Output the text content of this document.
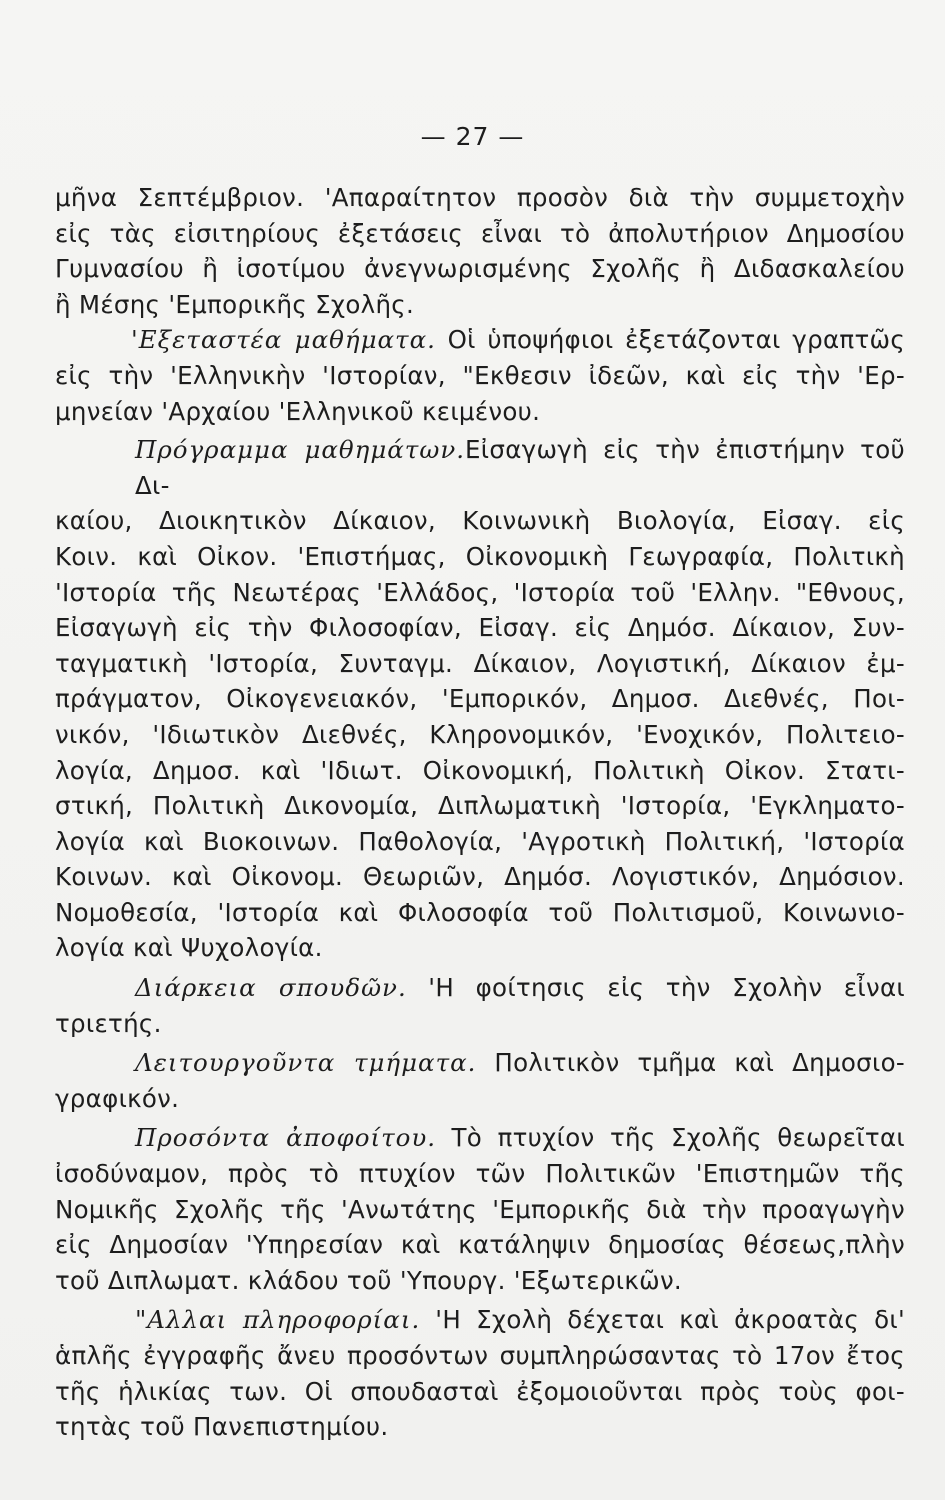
— 27 —
μῆνα Σεπτέμβριον. 'Απαραίτητον προσὸν διὰ τὴν συμμετοχὴν
εἰς τὰς εἰσιτηρίους ἐξετάσεις εἶναι τὸ ἀπολυτήριον Δημοσίου
Γυμνασίου ἢ ἰσοτίμου ἀνεγνωρισμένης Σχολῆς ἢ Διδασκαλείου
ἢ Μέσης 'Εμπορικῆς Σχολῆς.
'Εξεταστέα μαθήματα. Οἱ ὑποψήφιοι ἐξετάζονται γραπτῶς
εἰς τὴν 'Ελληνικὴν 'Ιστορίαν, "Εκθεσιν ἰδεῶν, καὶ εἰς τὴν 'Ερ-
μηνείαν 'Αρχαίου 'Ελληνικοῦ κειμένου.
Πρόγραμμα μαθημάτων.Εἰσαγωγὴ εἰς τὴν ἐπιστήμην τοῦ Δι-
καίου, Διοικητικὸν Δίκαιον, Κοινωνικὴ Βιολογία, Εἰσαγ. εἰς
Κοιν. καὶ Οἰκον. 'Επιστήμας, Οἰκονομικὴ Γεωγραφία, Πολιτικὴ
'Ιστορία τῆς Νεωτέρας 'Ελλάδος, 'Ιστορία τοῦ 'Ελλην. "Εθνους,
Εἰσαγωγὴ εἰς τὴν Φιλοσοφίαν, Εἰσαγ. εἰς Δημόσ. Δίκαιον, Συν-
ταγματικὴ 'Ιστορία, Συνταγμ. Δίκαιον, Λογιστική, Δίκαιον ἐμ-
πράγματον, Οἰκογενειακόν, 'Εμπορικόν, Δημοσ. Διεθνές, Ποι-
νικόν, 'Ιδιωτικὸν Διεθνές, Κληρονομικόν, 'Ενοχικόν, Πολιτειο-
λογία, Δημοσ. καὶ 'Ιδιωτ. Οἰκονομική, Πολιτικὴ Οἰκον. Στατι-
στική, Πολιτικὴ Δικονομία, Διπλωματικὴ 'Ιστορία, 'Εγκληματο-
λογία καὶ Βιοκοινων. Παθολογία, 'Αγροτικὴ Πολιτική, 'Ιστορία
Κοινων. καὶ Οἰκονομ. Θεωριῶν, Δημόσ. Λογιστικόν, Δημόσιον.
Νομοθεσία, 'Ιστορία καὶ Φιλοσοφία τοῦ Πολιτισμοῦ, Κοινωνιο-
λογία καὶ Ψυχολογία.
Διάρκεια σπουδῶν. 'Η φοίτησις εἰς τὴν Σχολὴν εἶναι
τριετής.
Λειτουργοῦντα τμήματα. Πολιτικὸν τμῆμα καὶ Δημοσιο-
γραφικόν.
Προσόντα ἀποφοίτου. Τὸ πτυχίον τῆς Σχολῆς θεωρεῖται
ἰσοδύναμον, πρὸς τὸ πτυχίον τῶν Πολιτικῶν 'Επιστημῶν τῆς
Νομικῆς Σχολῆς τῆς 'Ανωτάτης 'Εμπορικῆς διὰ τὴν προαγωγὴν
εἰς Δημοσίαν 'Υπηρεσίαν καὶ κατάληψιν δημοσίας θέσεως,πλὴν
τοῦ Διπλωματ. κλάδου τοῦ 'Υπουργ. 'Εξωτερικῶν.
"Αλλαι πληροφορίαι. 'Η Σχολὴ δέχεται καὶ ἀκροατὰς δι'
ἁπλῆς ἐγγραφῆς ἄνευ προσόντων συμπληρώσαντας τὸ 17ον ἔτος
τῆς ἡλικίας των. Οἱ σπουδασταὶ ἐξομοιοῦνται πρὸς τοὺς φοι-
τητὰς τοῦ Πανεπιστημίου.
